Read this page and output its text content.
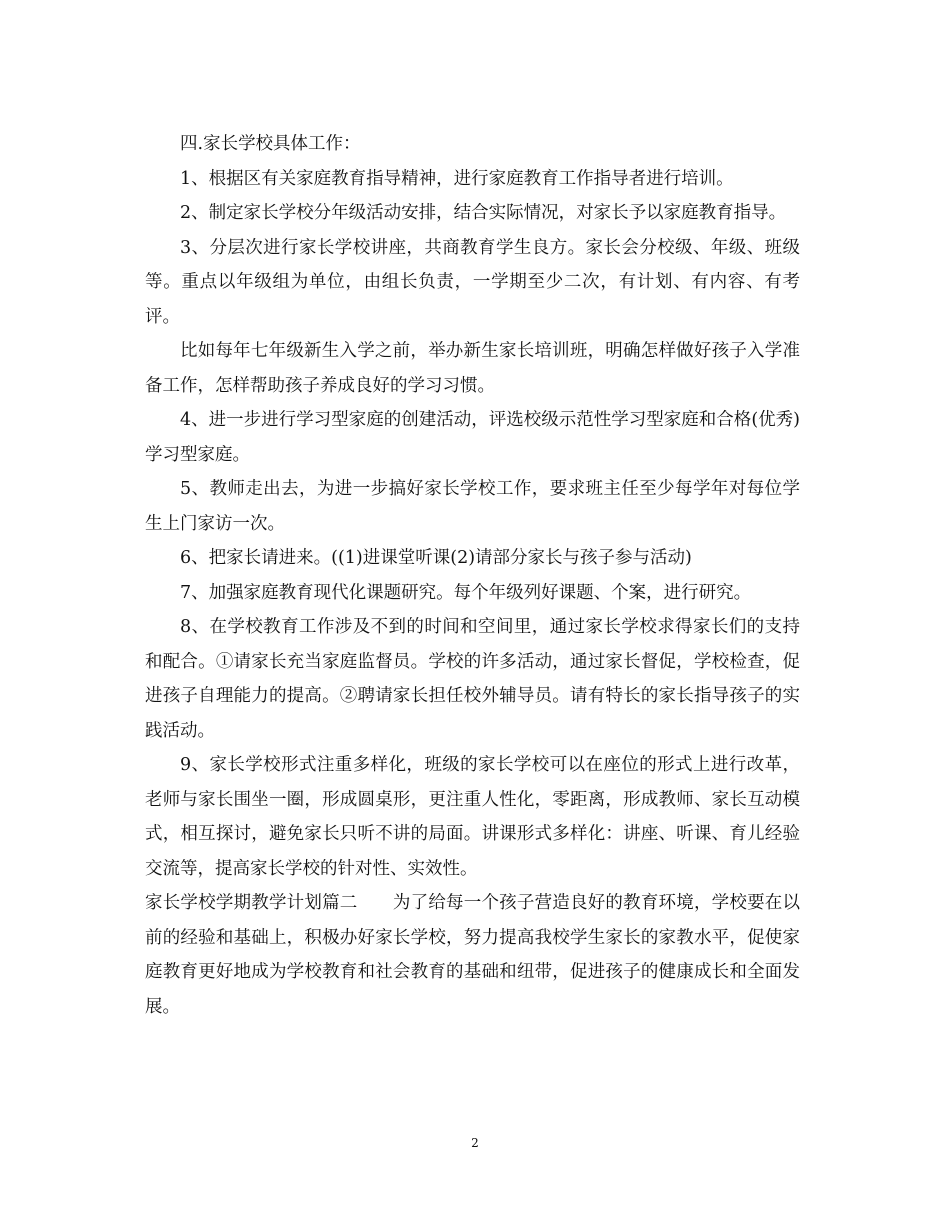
四.家长学校具体工作：

1、根据区有关家庭教育指导精神，进行家庭教育工作指导者进行培训。

2、制定家长学校分年级活动安排，结合实际情况，对家长予以家庭教育指导。

3、分层次进行家长学校讲座，共商教育学生良方。家长会分校级、年级、班级等。重点以年级组为单位，由组长负责，一学期至少二次，有计划、有内容、有考评。

比如每年七年级新生入学之前，举办新生家长培训班，明确怎样做好孩子入学准备工作，怎样帮助孩子养成良好的学习习惯。

4、进一步进行学习型家庭的创建活动，评选校级示范性学习型家庭和合格(优秀)学习型家庭。

5、教师走出去，为进一步搞好家长学校工作，要求班主任至少每学年对每位学生上门家访一次。

6、把家长请进来。((1)进课堂听课(2)请部分家长与孩子参与活动)

7、加强家庭教育现代化课题研究。每个年级列好课题、个案，进行研究。

8、在学校教育工作涉及不到的时间和空间里，通过家长学校求得家长们的支持和配合。①请家长充当家庭监督员。学校的许多活动，通过家长督促，学校检查，促进孩子自理能力的提高。②聘请家长担任校外辅导员。请有特长的家长指导孩子的实践活动。

9、家长学校形式注重多样化，班级的家长学校可以在座位的形式上进行改革，老师与家长围坐一圈，形成圆桌形，更注重人性化，零距离，形成教师、家长互动模式，相互探讨，避免家长只听不讲的局面。讲课形式多样化：讲座、听课、育儿经验交流等，提高家长学校的针对性、实效性。

家长学校学期教学计划篇二　　为了给每一个孩子营造良好的教育环境，学校要在以前的经验和基础上，积极办好家长学校，努力提高我校学生家长的家教水平，促使家庭教育更好地成为学校教育和社会教育的基础和纽带，促进孩子的健康成长和全面发展。

2
